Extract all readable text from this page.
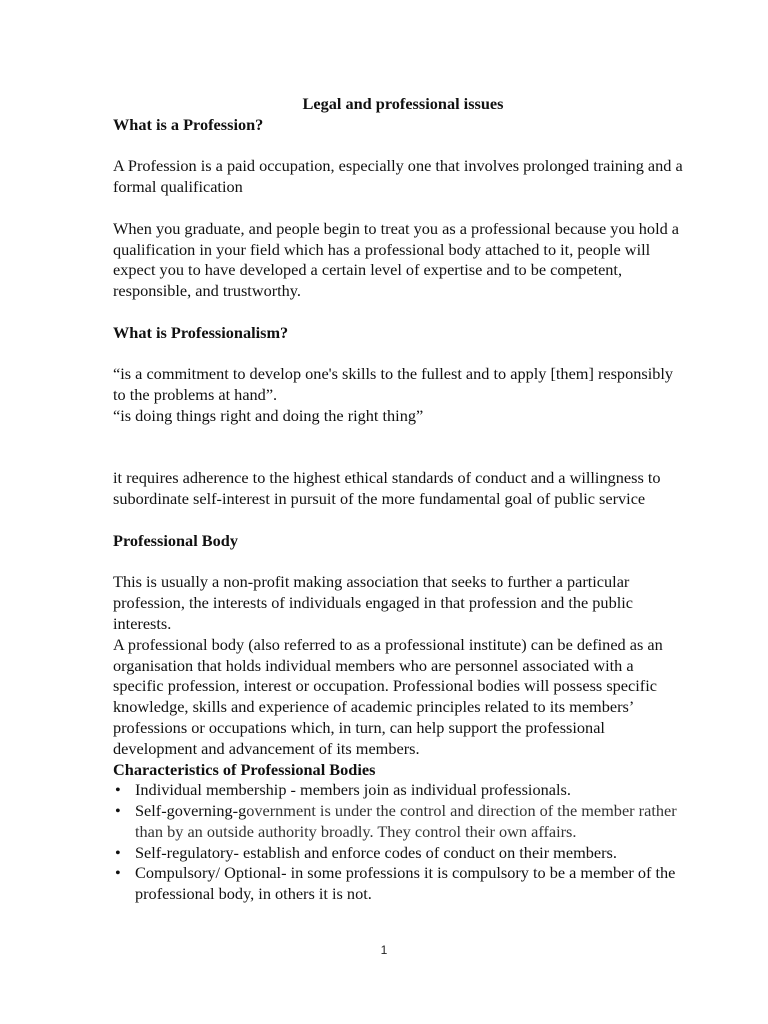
Legal and professional issues

What is a Profession?

A Profession is a paid occupation, especially one that involves prolonged training and a formal qualification

When you graduate, and people begin to treat you as a professional because you hold a qualification in your field which has a professional body attached to it, people will expect you to have developed a certain level of expertise and to be competent, responsible, and trustworthy.

What is Professionalism?

“is a commitment to develop one's skills to the fullest and to apply [them] responsibly to the problems at hand”.

“is doing things right and doing the right thing”

it requires adherence to the highest ethical standards of conduct and a willingness to subordinate self-interest in pursuit of the more fundamental goal of public service

Professional Body

This is usually a non-profit making association that seeks to further a particular profession, the interests of individuals engaged in that profession and the public interests.

A professional body (also referred to as a professional institute) can be defined as an organisation that holds individual members who are personnel associated with a specific profession, interest or occupation. Professional bodies will possess specific knowledge, skills and experience of academic principles related to its members’ professions or occupations which, in turn, can help support the professional development and advancement of its members.

Characteristics of Professional Bodies

• Individual membership - members join as individual professionals.
• Self-governing-government is under the control and direction of the member rather than by an outside authority broadly. They control their own affairs.
• Self-regulatory- establish and enforce codes of conduct on their members.
• Compulsory/ Optional- in some professions it is compulsory to be a member of the professional body, in others it is not.
1
